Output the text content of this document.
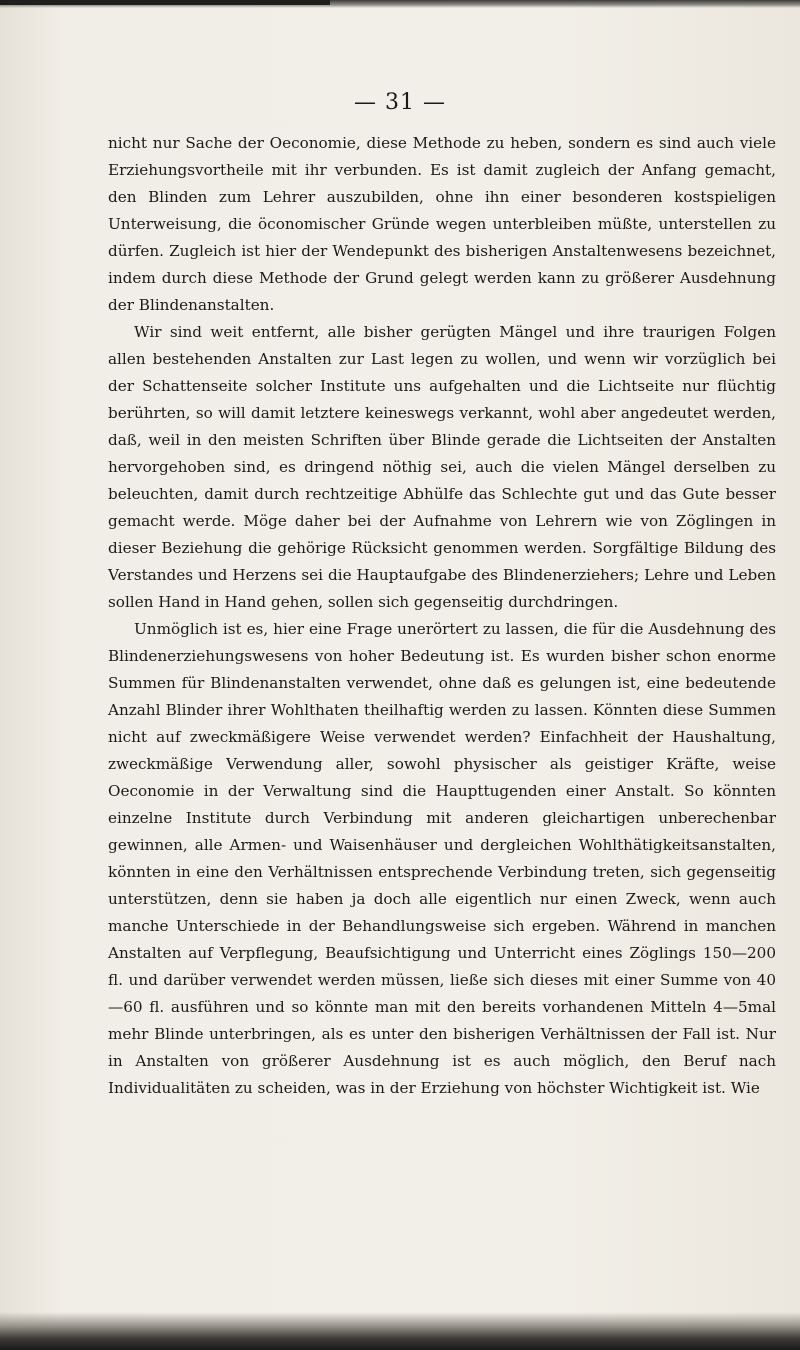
— 31 —

nicht nur Sache der Oeconomie, diese Methode zu heben, sondern es sind auch viele Erziehungsvortheile mit ihr verbunden. Es ist damit zugleich der Anfang gemacht, den Blinden zum Lehrer auszubilden, ohne ihn einer besonderen kostspieligen Unterweisung, die öconomischer Gründe wegen unterbleiben müßte, unterstellen zu dürfen. Zugleich ist hier der Wendepunkt des bisherigen Anstaltenwesens bezeichnet, indem durch diese Methode der Grund gelegt werden kann zu größerer Ausdehnung der Blindenanstalten.

Wir sind weit entfernt, alle bisher gerügten Mängel und ihre traurigen Folgen allen bestehenden Anstalten zur Last legen zu wollen, und wenn wir vorzüglich bei der Schattenseite solcher Institute uns aufgehalten und die Lichtseite nur flüchtig berührten, so will damit letztere keineswegs verkannt, wohl aber angedeutet werden, daß, weil in den meisten Schriften über Blinde gerade die Lichtseiten der Anstalten hervorgehoben sind, es dringend nöthig sei, auch die vielen Mängel derselben zu beleuchten, damit durch rechtzeitige Abhülfe das Schlechte gut und das Gute besser gemacht werde. Möge daher bei der Aufnahme von Lehrern wie von Zöglingen in dieser Beziehung die gehörige Rücksicht genommen werden. Sorgfältige Bildung des Verstandes und Herzens sei die Hauptaufgabe des Blindenerziehers; Lehre und Leben sollen Hand in Hand gehen, sollen sich gegenseitig durchdringen.

Unmöglich ist es, hier eine Frage unerörtert zu lassen, die für die Ausdehnung des Blindenerziehungswesens von hoher Bedeutung ist. Es wurden bisher schon enorme Summen für Blindenanstalten verwendet, ohne daß es gelungen ist, eine bedeutende Anzahl Blinder ihrer Wohlthaten theilhaftig werden zu lassen. Könnten diese Summen nicht auf zweckmäßigere Weise verwendet werden? Einfachheit der Haushaltung, zweckmäßige Verwendung aller, sowohl physischer als geistiger Kräfte, weise Oeconomie in der Verwaltung sind die Haupttugenden einer Anstalt. So könnten einzelne Institute durch Verbindung mit anderen gleichartigen unberechenbar gewinnen, alle Armen- und Waisenhäuser und dergleichen Wohlthätigkeitsanstalten, könnten in eine den Verhältnissen entsprechende Verbindung treten, sich gegenseitig unterstützen, denn sie haben ja doch alle eigentlich nur einen Zweck, wenn auch manche Unterschiede in der Behandlungsweise sich ergeben. Während in manchen Anstalten auf Verpflegung, Beaufsichtigung und Unterricht eines Zöglings 150—200 fl. und darüber verwendet werden müssen, ließe sich dieses mit einer Summe von 40—60 fl. ausführen und so könnte man mit den bereits vorhandenen Mitteln 4—5mal mehr Blinde unterbringen, als es unter den bisherigen Verhältnissen der Fall ist. Nur in Anstalten von größerer Ausdehnung ist es auch möglich, den Beruf nach Individualitäten zu scheiden, was in der Erziehung von höchster Wichtigkeit ist. Wie
